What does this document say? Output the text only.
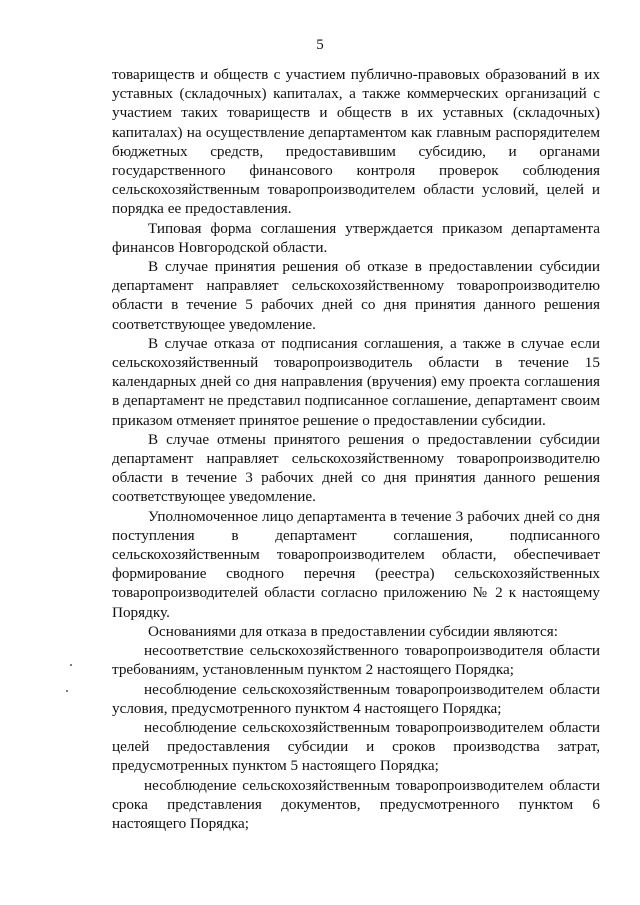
5

товариществ и обществ с участием публично-правовых образований в их уставных (складочных) капиталах, а также коммерческих организаций с участием таких товариществ и обществ в их уставных (складочных) капиталах) на осуществление департаментом как главным распорядителем бюджетных средств, предоставившим субсидию, и органами государственного финансового контроля проверок соблюдения сельскохозяйственным товаропроизводителем области условий, целей и порядка ее предоставления.

Типовая форма соглашения утверждается приказом департамента финансов Новгородской области.

В случае принятия решения об отказе в предоставлении субсидии департамент направляет сельскохозяйственному товаропроизводителю области в течение 5 рабочих дней со дня принятия данного решения соответствующее уведомление.

В случае отказа от подписания соглашения, а также в случае если сельскохозяйственный товаропроизводитель области в течение 15 календарных дней со дня направления (вручения) ему проекта соглашения в департамент не представил подписанное соглашение, департамент своим приказом отменяет принятое решение о предоставлении субсидии.

В случае отмены принятого решения о предоставлении субсидии департамент направляет сельскохозяйственному товаропроизводителю области в течение 3 рабочих дней со дня принятия данного решения соответствующее уведомление.

Уполномоченное лицо департамента в течение 3 рабочих дней со дня поступления в департамент соглашения, подписанного сельскохозяйственным товаропроизводителем области, обеспечивает формирование сводного перечня (реестра) сельскохозяйственных товаропроизводителей области согласно приложению № 2 к настоящему Порядку.

Основаниями для отказа в предоставлении субсидии являются:

несоответствие сельскохозяйственного товаропроизводителя области требованиям, установленным пунктом 2 настоящего Порядка;

несоблюдение сельскохозяйственным товаропроизводителем области условия, предусмотренного пунктом 4 настоящего Порядка;

несоблюдение сельскохозяйственным товаропроизводителем области целей предоставления субсидии и сроков производства затрат, предусмотренных пунктом 5 настоящего Порядка;

несоблюдение сельскохозяйственным товаропроизводителем области срока представления документов, предусмотренного пунктом 6 настоящего Порядка;
